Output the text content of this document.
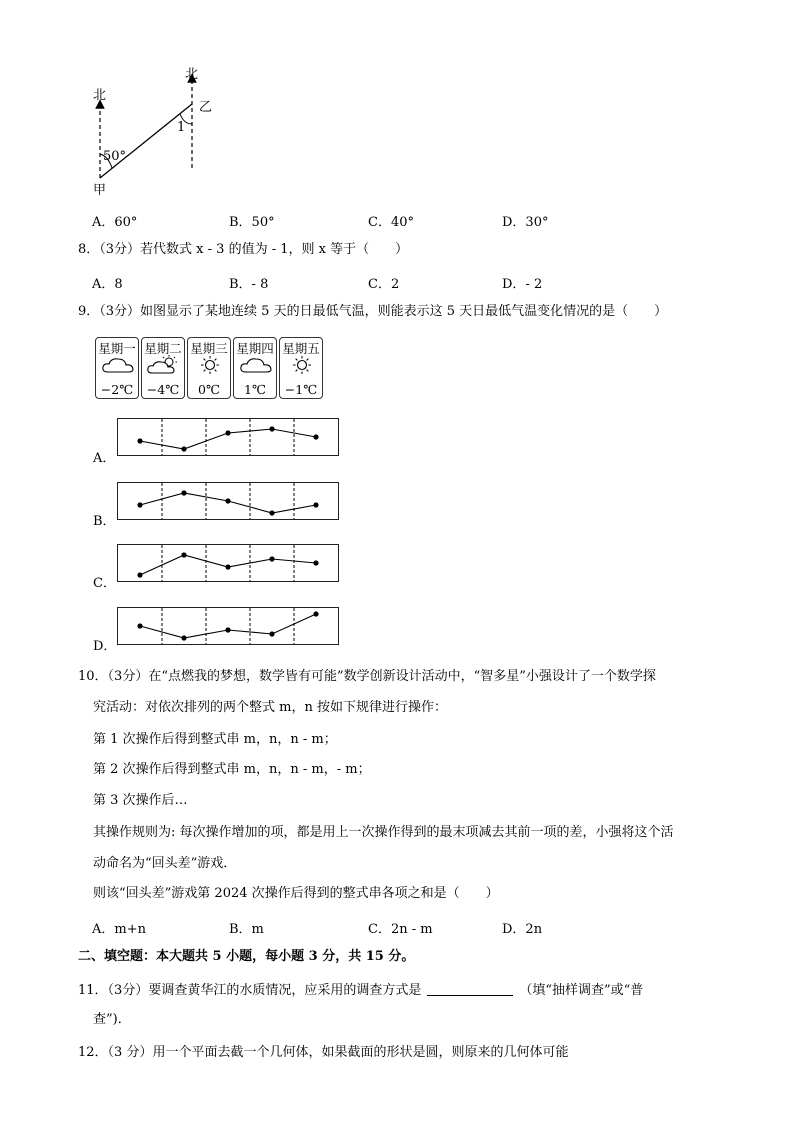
北
北
乙
1
50°
甲
A．60°	B．50°	C．40°	D．30°
8．（3分）若代数式 x - 3 的值为 - 1，则 x 等于（　　）
A．8	B．- 8	C．2	D．- 2
9．（3分）如图显示了某地连续 5 天的日最低气温，则能表示这 5 天日最低气温变化情况的是（　　）
星期一
−2℃
星期二
−4℃
星期三
0℃
星期四
1℃
星期五
−1℃
A．
B．
C．
D．
10．（3分）在“点燃我的梦想，数学皆有可能”数学创新设计活动中，“智多星”小强设计了一个数学探
究活动：对依次排列的两个整式 m，n 按如下规律进行操作：
第 1 次操作后得到整式串 m，n，n - m；
第 2 次操作后得到整式串 m，n，n - m，- m；
第 3 次操作后…
其操作规则为: 每次操作增加的项，都是用上一次操作得到的最末项减去其前一项的差，小强将这个活
动命名为“回头差”游戏．
则该“回头差”游戏第 2024 次操作后得到的整式串各项之和是（　　）
A．m+n	B．m	C．2n - m	D．2n
二、填空题：本大题共 5 小题，每小题 3 分，共 15 分。
11．（3分）要调查黄华江的水质情况，应采用的调查方式是	（填“抽样调查”或“普
查”)．
12．（3 分）用一个平面去截一个几何体，如果截面的形状是圆，则原来的几何体可能
